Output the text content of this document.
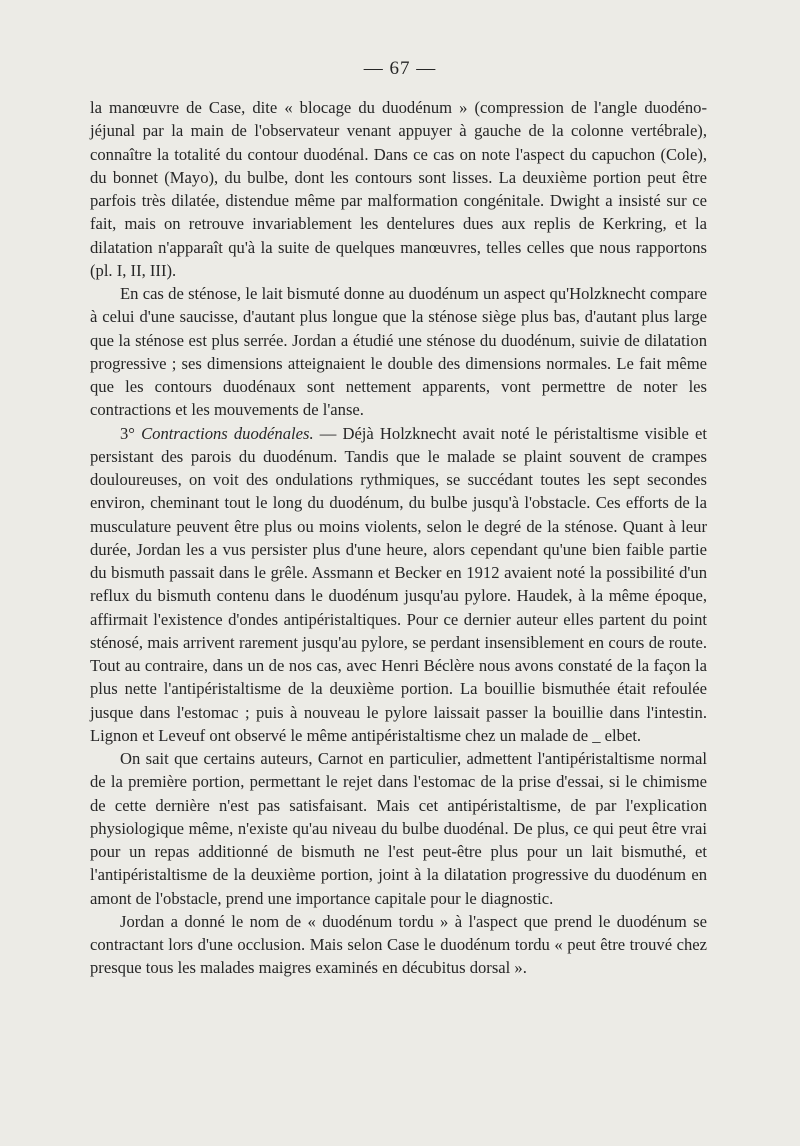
— 67 —

la manœuvre de Case, dite « blocage du duodénum » (compression de l'angle duodéno-jéjunal par la main de l'observateur venant appuyer à gauche de la colonne vertébrale), connaître la totalité du contour duodénal. Dans ce cas on note l'aspect du capuchon (Cole), du bonnet (Mayo), du bulbe, dont les contours sont lisses. La deuxième portion peut être parfois très dilatée, distendue même par malformation congénitale. Dwight a insisté sur ce fait, mais on retrouve invariablement les dentelures dues aux replis de Kerkring, et la dilatation n'apparaît qu'à la suite de quelques manœuvres, telles celles que nous rapportons (pl. I, II, III).

En cas de sténose, le lait bismuté donne au duodénum un aspect qu'Holzknecht compare à celui d'une saucisse, d'autant plus longue que la sténose siège plus bas, d'autant plus large que la sténose est plus serrée. Jordan a étudié une sténose du duodénum, suivie de dilatation progressive ; ses dimensions atteignaient le double des dimensions normales. Le fait même que les contours duodénaux sont nettement apparents, vont permettre de noter les contractions et les mouvements de l'anse.

3° Contractions duodénales. — Déjà Holzknecht avait noté le péristaltisme visible et persistant des parois du duodénum. Tandis que le malade se plaint souvent de crampes douloureuses, on voit des ondulations rythmiques, se succédant toutes les sept secondes environ, cheminant tout le long du duodénum, du bulbe jusqu'à l'obstacle. Ces efforts de la musculature peuvent être plus ou moins violents, selon le degré de la sténose. Quant à leur durée, Jordan les a vus persister plus d'une heure, alors cependant qu'une bien faible partie du bismuth passait dans le grêle. Assmann et Becker en 1912 avaient noté la possibilité d'un reflux du bismuth contenu dans le duodénum jusqu'au pylore. Haudek, à la même époque, affirmait l'existence d'ondes antipéristaltiques. Pour ce dernier auteur elles partent du point sténosé, mais arrivent rarement jusqu'au pylore, se perdant insensiblement en cours de route. Tout au contraire, dans un de nos cas, avec Henri Béclère nous avons constaté de la façon la plus nette l'antipéristaltisme de la deuxième portion. La bouillie bismuthée était refoulée jusque dans l'estomac ; puis à nouveau le pylore laissait passer la bouillie dans l'intestin. Lignon et Leveuf ont observé le même antipéristaltisme chez un malade de _ elbet.

On sait que certains auteurs, Carnot en particulier, admettent l'antipéristaltisme normal de la première portion, permettant le rejet dans l'estomac de la prise d'essai, si le chimisme de cette dernière n'est pas satisfaisant. Mais cet antipéristaltisme, de par l'explication physiologique même, n'existe qu'au niveau du bulbe duodénal. De plus, ce qui peut être vrai pour un repas additionné de bismuth ne l'est peut-être plus pour un lait bismuthé, et l'antipéristaltisme de la deuxième portion, joint à la dilatation progressive du duodénum en amont de l'obstacle, prend une importance capitale pour le diagnostic.

Jordan a donné le nom de « duodénum tordu » à l'aspect que prend le duodénum se contractant lors d'une occlusion. Mais selon Case le duodénum tordu « peut être trouvé chez presque tous les malades maigres examinés en décubitus dorsal ».
